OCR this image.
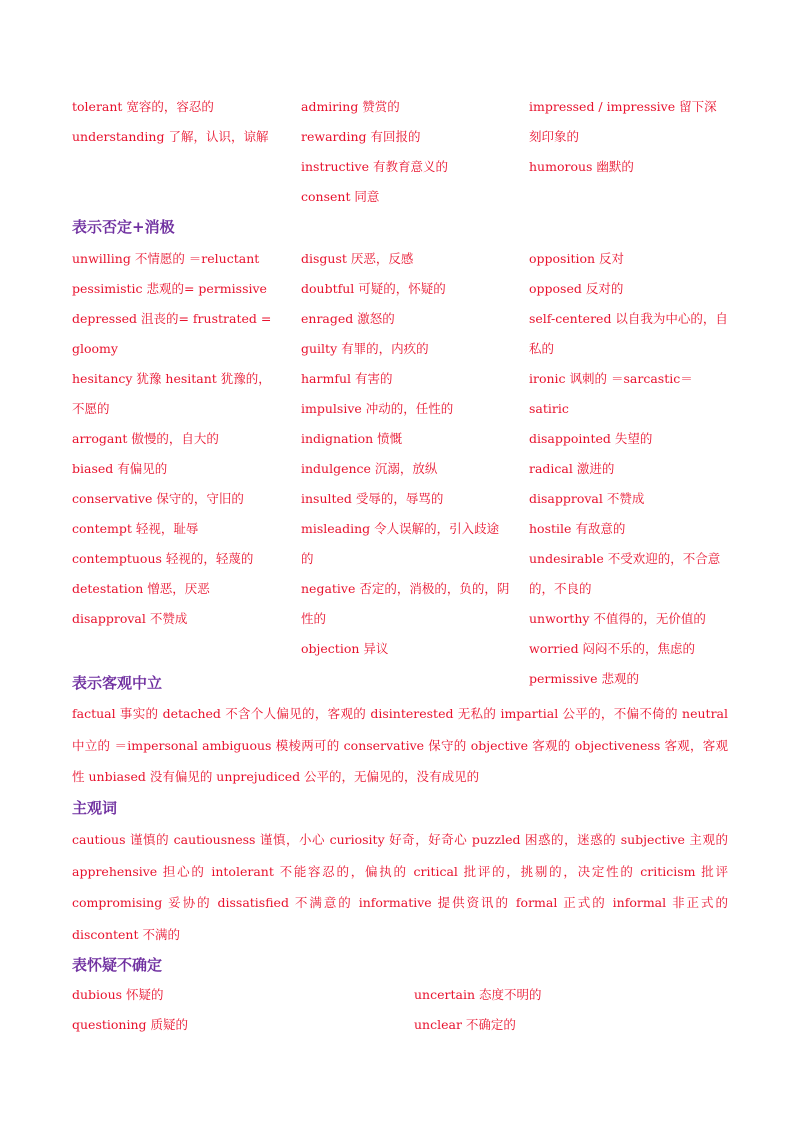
tolerant 宽容的，容忍的
understanding 了解，认识，谅解
admiring 赞赏的
rewarding 有回报的
instructive 有教育意义的
consent 同意
impressed / impressive 留下深刻印象的
humorous 幽默的
表示否定+消极
unwilling 不情愿的 ＝reluctant
pessimistic 悲观的= permissive
depressed 沮丧的= frustrated = gloomy
hesitancy 犹豫 hesitant 犹豫的，不愿的
arrogant 傲慢的，自大的
biased 有偏见的
conservative 保守的，守旧的
contempt 轻视，耻辱
contemptuous 轻视的，轻蔑的
detestation 憎恶，厌恶
disapproval 不赞成
disgust 厌恶，反感
doubtful 可疑的，怀疑的
enraged 激怒的
guilty 有罪的，内疚的
harmful 有害的
impulsive 冲动的，任性的
indignation 愤慨
indulgence 沉溺，放纵
insulted 受辱的，辱骂的
misleading 令人误解的，引入歧途的
negative 否定的，消极的，负的，阴性的
objection 异议
opposition 反对
opposed 反对的
self-centered 以自我为中心的，自私的
ironic 讽刺的 ＝sarcastic＝satiric
disappointed 失望的
radical 激进的
disapproval 不赞成
hostile 有敌意的
undesirable 不受欢迎的，不合意的，不良的
unworthy 不值得的，无价值的
worried 闷闷不乐的，焦虑的
permissive 悲观的
表示客观中立
factual 事实的 detached 不含个人偏见的，客观的 disinterested 无私的 impartial 公平的，不偏不倚的 neutral 中立的 ＝impersonal ambiguous 模棱两可的 conservative 保守的 objective 客观的 objectiveness 客观，客观性 unbiased 没有偏见的 unprejudiced 公平的，无偏见的，没有成见的
主观词
cautious 谨慎的 cautiousness 谨慎，小心 curiosity 好奇，好奇心 puzzled 困惑的，迷惑的 subjective 主观的 apprehensive 担心的 intolerant 不能容忍的，偏执的 critical 批评的，挑剔的，决定性的 criticism 批评 compromising 妥协的 dissatisfied 不满意的 informative 提供资讯的 formal 正式的 informal 非正式的 discontent 不满的
表怀疑不确定
dubious 怀疑的
questioning 质疑的
uncertain 态度不明的
unclear 不确定的
